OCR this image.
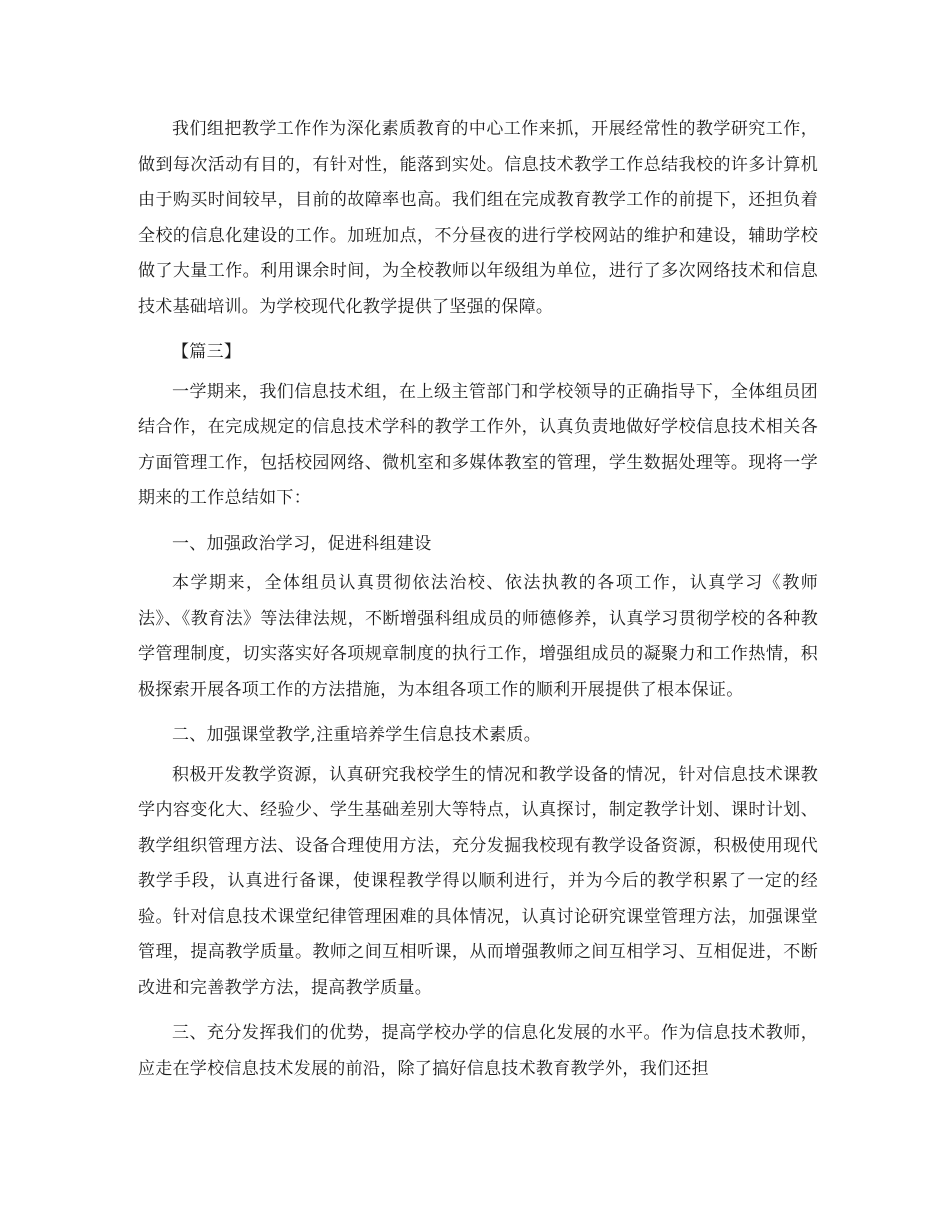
我们组把教学工作作为深化素质教育的中心工作来抓，开展经常性的教学研究工作，做到每次活动有目的，有针对性，能落到实处。信息技术教学工作总结我校的许多计算机由于购买时间较早，目前的故障率也高。我们组在完成教育教学工作的前提下，还担负着全校的信息化建设的工作。加班加点，不分昼夜的进行学校网站的维护和建设，辅助学校做了大量工作。利用课余时间，为全校教师以年级组为单位，进行了多次网络技术和信息技术基础培训。为学校现代化教学提供了坚强的保障。

【篇三】

一学期来，我们信息技术组，在上级主管部门和学校领导的正确指导下，全体组员团结合作，在完成规定的信息技术学科的教学工作外，认真负责地做好学校信息技术相关各方面管理工作，包括校园网络、微机室和多媒体教室的管理，学生数据处理等。现将一学期来的工作总结如下：

一、加强政治学习，促进科组建设

本学期来，全体组员认真贯彻依法治校、依法执教的各项工作，认真学习《教师法》、《教育法》等法律法规，不断增强科组成员的师德修养，认真学习贯彻学校的各种教学管理制度，切实落实好各项规章制度的执行工作，增强组成员的凝聚力和工作热情，积极探索开展各项工作的方法措施，为本组各项工作的顺利开展提供了根本保证。

二、加强课堂教学,注重培养学生信息技术素质。

积极开发教学资源，认真研究我校学生的情况和教学设备的情况，针对信息技术课教学内容变化大、经验少、学生基础差别大等特点，认真探讨，制定教学计划、课时计划、教学组织管理方法、设备合理使用方法，充分发掘我校现有教学设备资源，积极使用现代教学手段，认真进行备课，使课程教学得以顺利进行，并为今后的教学积累了一定的经验。针对信息技术课堂纪律管理困难的具体情况，认真讨论研究课堂管理方法，加强课堂管理，提高教学质量。教师之间互相听课，从而增强教师之间互相学习、互相促进，不断改进和完善教学方法，提高教学质量。

三、充分发挥我们的优势，提高学校办学的信息化发展的水平。作为信息技术教师，应走在学校信息技术发展的前沿，除了搞好信息技术教育教学外，我们还担
